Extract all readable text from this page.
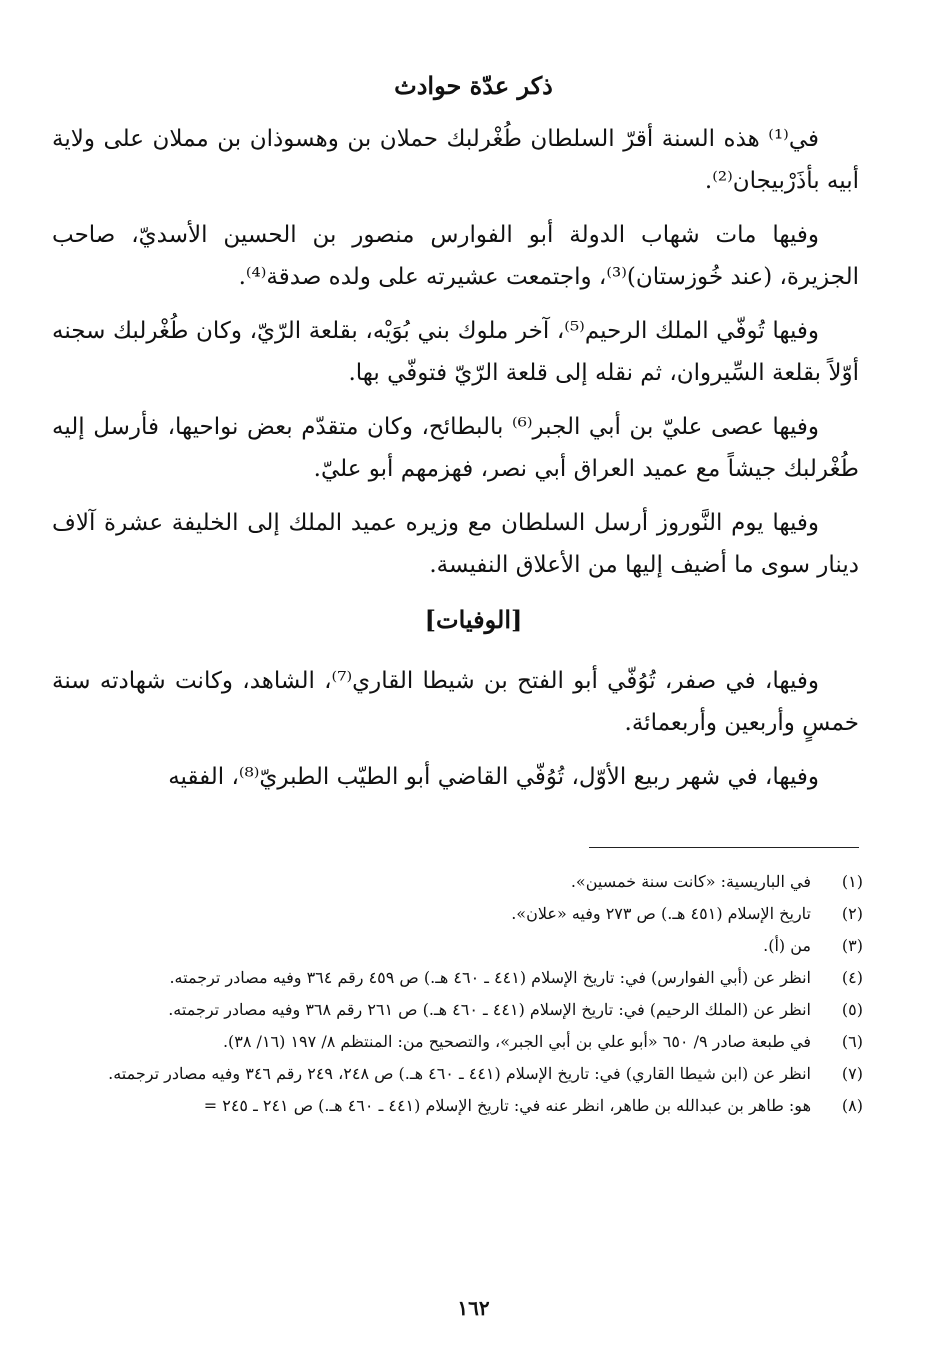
ذكر عدّة حوادث

في⁽¹⁾ هذه السنة أقرّ السلطان طُغْرلبك حملان بن وهسوذان بن مملان على ولاية أبيه بأذَرْبيجان⁽²⁾.

وفيها مات شهاب الدولة أبو الفوارس منصور بن الحسين الأسديّ، صاحب الجزيرة، (عند خُوزستان)⁽³⁾، واجتمعت عشيرته على ولده صدقة⁽⁴⁾.

وفيها تُوفّي الملك الرحيم⁽⁵⁾، آخر ملوك بني بُوَيْه، بقلعة الرّيّ، وكان طُغْرلبك سجنه أوّلاً بقلعة السِّيروان، ثم نقله إلى قلعة الرّيّ فتوفّي بها.

وفيها عصى عليّ بن أبي الجبر⁽⁶⁾ بالبطائح، وكان متقدّم بعض نواحيها، فأرسل إليه طُغْرلبك جيشاً مع عميد العراق أبي نصر، فهزمهم أبو عليّ.

وفيها يوم النَّوروز أرسل السلطان مع وزيره عميد الملك إلى الخليفة عشرة آلاف دينار سوى ما أضيف إليها من الأعلاق النفيسة.

[الوفيات]

وفيها، في صفر، تُوُفّي أبو الفتح بن شيطا القاري⁽⁷⁾، الشاهد، وكانت شهادته سنة خمسٍ وأربعين وأربعمائة.

وفيها، في شهر ربيع الأوّل، تُوُفّي القاضي أبو الطيّب الطبريّ⁽⁸⁾، الفقيه

(١)
في الباريسية: «كانت سنة خمسين».
(٢)
تاريخ الإسلام (٤٥١ هـ.) ص ٢٧٣ وفيه «علان».
(٣)
من (أ).
(٤)
انظر عن (أبي الفوارس) في: تاريخ الإسلام (٤٤١ ـ ٤٦٠ هـ.) ص ٤٥٩ رقم ٣٦٤ وفيه مصادر ترجمته.
(٥)
انظر عن (الملك الرحيم) في: تاريخ الإسلام (٤٤١ ـ ٤٦٠ هـ.) ص ٢٦١ رقم ٣٦٨ وفيه مصادر ترجمته.
(٦)
في طبعة صادر ٩/ ٦٥٠ «أبو علي بن أبي الجبر»، والتصحيح من: المنتظم ٨/ ١٩٧ (١٦/ ٣٨).
(٧)
انظر عن (ابن شيطا القاري) في: تاريخ الإسلام (٤٤١ ـ ٤٦٠ هـ.) ص ٢٤٨، ٢٤٩ رقم ٣٤٦ وفيه مصادر ترجمته.
(٨)
هو: طاهر بن عبدالله بن طاهر، انظر عنه في: تاريخ الإسلام (٤٤١ ـ ٤٦٠ هـ.) ص ٢٤١ ـ ٢٤٥ =
١٦٢
